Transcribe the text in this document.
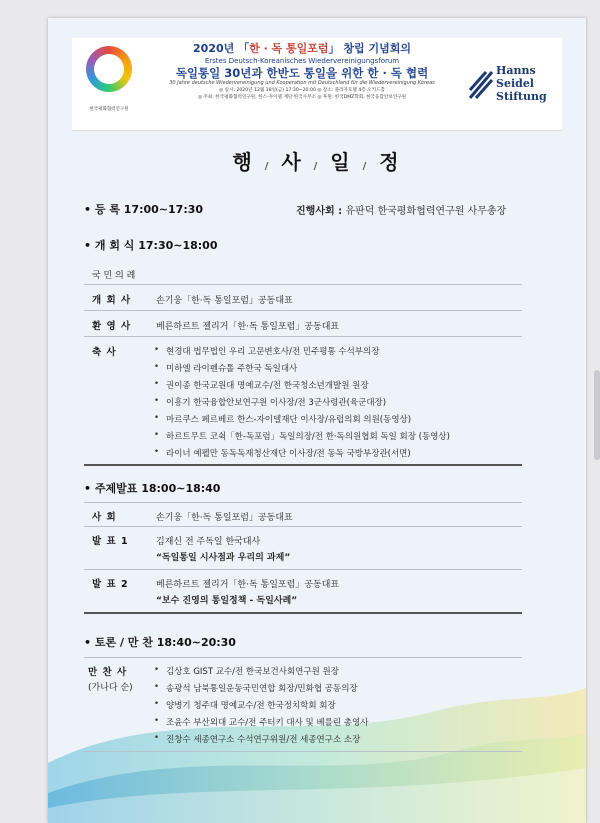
한국평화협력연구원
2020년 「한 · 독 통일포럼」 창립 기념회의
Erstes Deutsch-Koreanisches Wiedervereinigungsforum
독일통일 30년과 한반도 통일을 위한 한 · 독 협력
30 Jahre deutsche Wiedervereinigung und Kooperation mit Deutschland für die Wiedervereinigung Koreas
◎ 일시: 2020년 12월 18일(금) 17:30~20:00 ◎ 장소: 플라자호텔 4층 오키드홀
◎ 주최: 한국평화협력연구원, 한스-자이델 재단 한국사무소 ◎ 후원: 한국DMZ학회, 한국융합안보연구원
Hanns
Seidel
Stiftung
행 / 사 / 일 / 정
• 등 록 17:00~17:30	진행사회 : 유판덕 한국평화협력연구원 사무총장
• 개 회 식 17:30~18:00
국 민 의 례
개 회 사	손기웅「한·독 통일포럼」공동대표
환 영 사	베른하르트 젤리거「한·독 통일포럼」공동대표
축 사
•	현경대 법무법인 우리 고문변호사/전 민주평통 수석부의장
• 미하엘 라이펜슈톨 주한국 독일대사
• 권이종 한국교원대 명예교수/전 한국청소년개발원 원장
• 이흥기 한국융합안보연구원 이사장/전 3군사령관(육군대장)
• 마르쿠스 페르베르 한스-자이델재단 이사장/유럽의회 의원(동영상)
• 하르트무트 코쉭「한-독포럼」독일의장/전 한·독의원협회 독일 회장 (동영상)
• 라이너 예펠만 동독독재청산재단 이사장/전 동독 국방부장관(서면)
• 주제발표 18:00~18:40
사 회	손기웅「한·독 통일포럼」공동대표
발 표 1	김재신 전 주독일 한국대사
“독일통일 시사점과 우리의 과제”
발 표 2	베른하르트 젤리거「한·독 통일포럼」공동대표
“보수 진영의 통일정책 - 독일사례”
• 토론 / 만 찬 18:40~20:30
만 찬 사
(가나다 순)
• 김상호 GIST 교수/전 한국보건사회연구원 원장
• 송광석 남북통일운동국민연합 회장/민화협 공동의장
• 양병기 청주대 명예교수/전 한국정치학회 회장
• 조윤수 부산외대 교수/전 주터키 대사 및 베를린 총영사
• 진창수 세종연구소 수석연구위원/전 세종연구소 소장
